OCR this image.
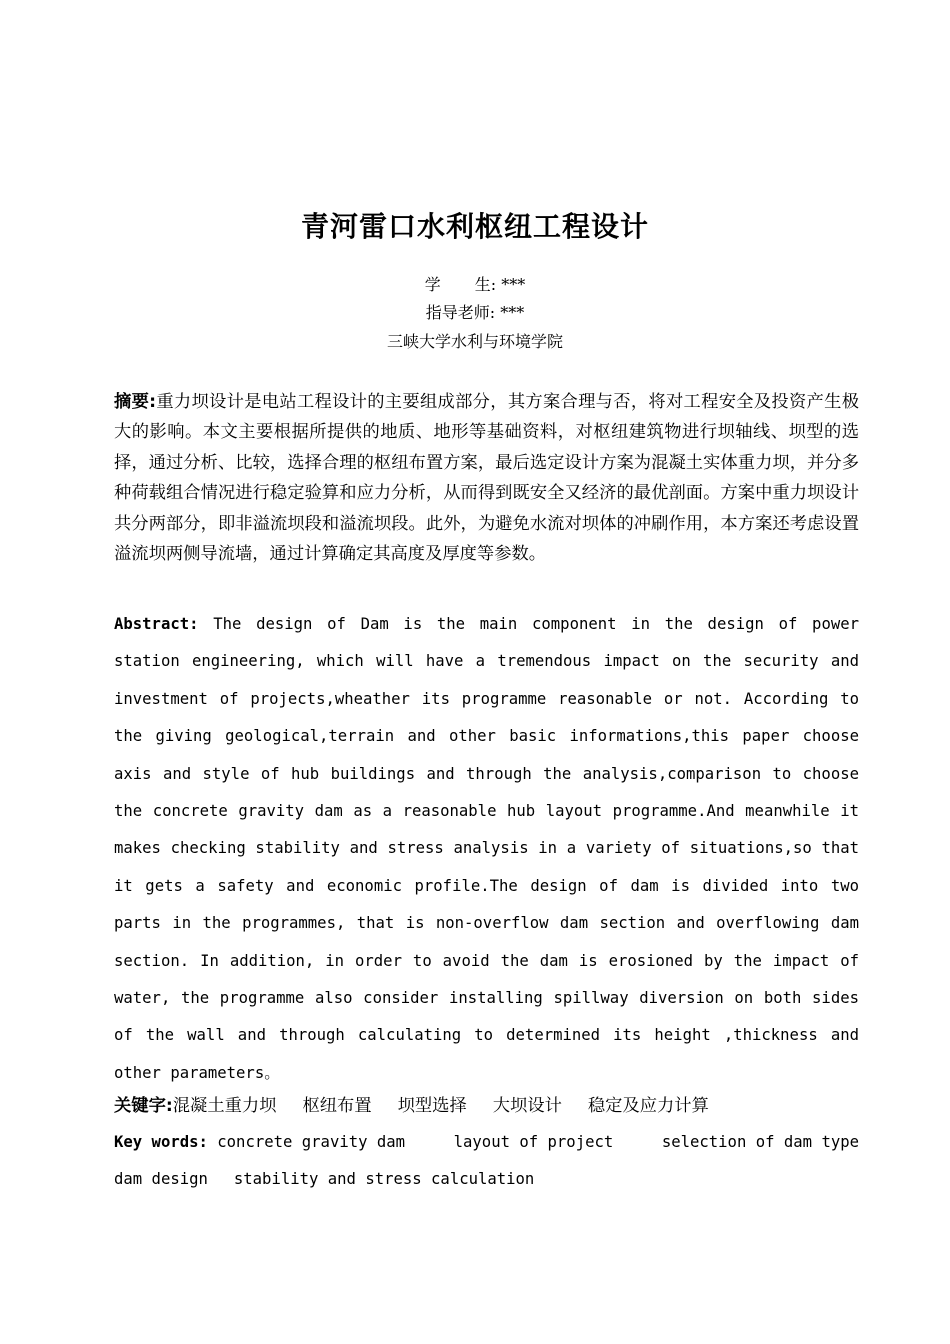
青河雷口水利枢纽工程设计
学 生: ***
指导老师: ***
三峡大学水利与环境学院
摘要:重力坝设计是电站工程设计的主要组成部分，其方案合理与否，将对工程安全及投资产生极大的影响。本文主要根据所提供的地质、地形等基础资料，对枢纽建筑物进行坝轴线、坝型的选择，通过分析、比较，选择合理的枢纽布置方案，最后选定设计方案为混凝土实体重力坝，并分多种荷载组合情况进行稳定验算和应力分析，从而得到既安全又经济的最优剖面。方案中重力坝设计共分两部分，即非溢流坝段和溢流坝段。此外，为避免水流对坝体的冲刷作用，本方案还考虑设置溢流坝两侧导流墙，通过计算确定其高度及厚度等参数。
Abstract: The design of Dam is the main component in the design of power station engineering, which will have a tremendous impact on the security and investment of projects,wheather its programme reasonable or not. According to the giving geological,terrain and other basic informations,this paper choose axis and style of hub buildings and through the analysis,comparison to choose the concrete gravity dam as a reasonable hub layout programme.And meanwhile it makes checking stability and stress analysis in a variety of situations,so that it gets a safety and economic profile.The design of dam is divided into two parts in the programmes, that is non-overflow dam section and overflowing dam section. In addition, in order to avoid the dam is erosioned by the impact of water, the programme also consider installing spillway diversion on both sides of the wall and through calculating to determined its height ,thickness and other parameters。
关键字:混凝土重力坝 枢纽布置 坝型选择 大坝设计 稳定及应力计算
Key words: concrete gravity dam	layout of project	selection of dam type
dam design stability and stress calculation
